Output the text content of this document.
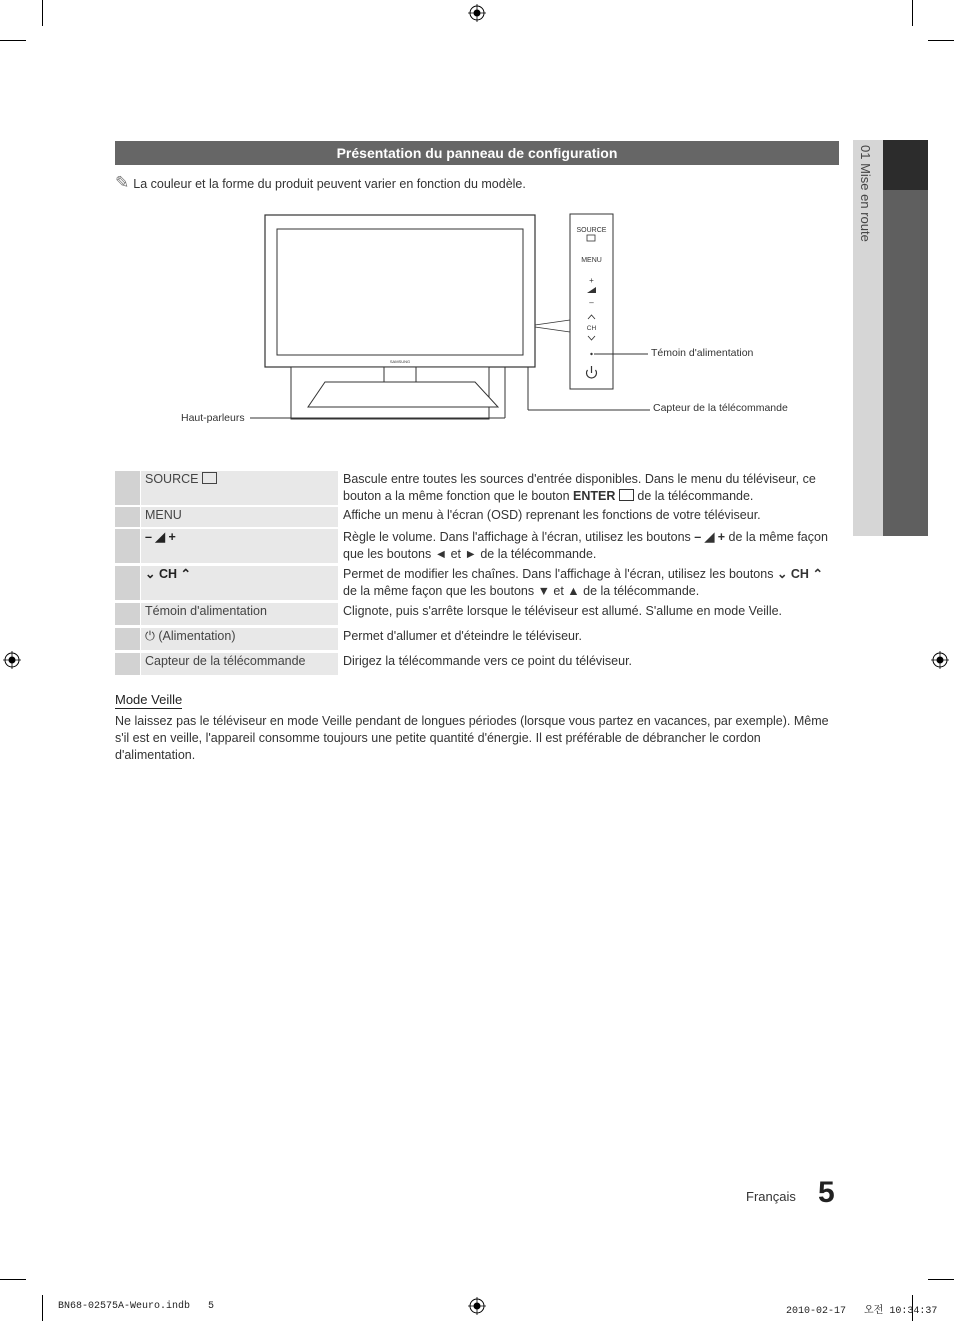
01 Mise en route
Présentation du panneau de configuration
✎ La couleur et la forme du produit peuvent varier en fonction du modèle.
SAMSUNG
SOURCE
MENU
+
–
CH
Témoin d'alimentation
Capteur de la télécommande
Haut-parleurs
SOURCE	Bascule entre toutes les sources d'entrée disponibles. Dans le menu du téléviseur, ce bouton a la même fonction que le bouton ENTER  de la télécommande.
MENU	Affiche un menu à l'écran (OSD) reprenant les fonctions de votre téléviseur.
– ◢ +	Règle le volume. Dans l'affichage à l'écran, utilisez les boutons – ◢ + de la même façon que les boutons ◄ et ► de la télécommande.
⌄ CH ⌃	Permet de modifier les chaînes. Dans l'affichage à l'écran, utilisez les boutons ⌄ CH ⌃ de la même façon que les boutons ▼ et ▲ de la télécommande.
Témoin d'alimentation	Clignote, puis s'arrête lorsque le téléviseur est allumé. S'allume en mode Veille.
⏻ (Alimentation)	Permet d'allumer et d'éteindre le téléviseur.
Capteur de la télécommande	Dirigez la télécommande vers ce point du téléviseur.
Mode Veille
Ne laissez pas le téléviseur en mode Veille pendant de longues périodes (lorsque vous partez en vacances, par exemple). Même s'il est en veille, l'appareil consomme toujours une petite quantité d'énergie. Il est préférable de débrancher le cordon d'alimentation.
Français 5
BN68-02575A-Weuro.indb   5	2010-02-17   오전 10:34:37
